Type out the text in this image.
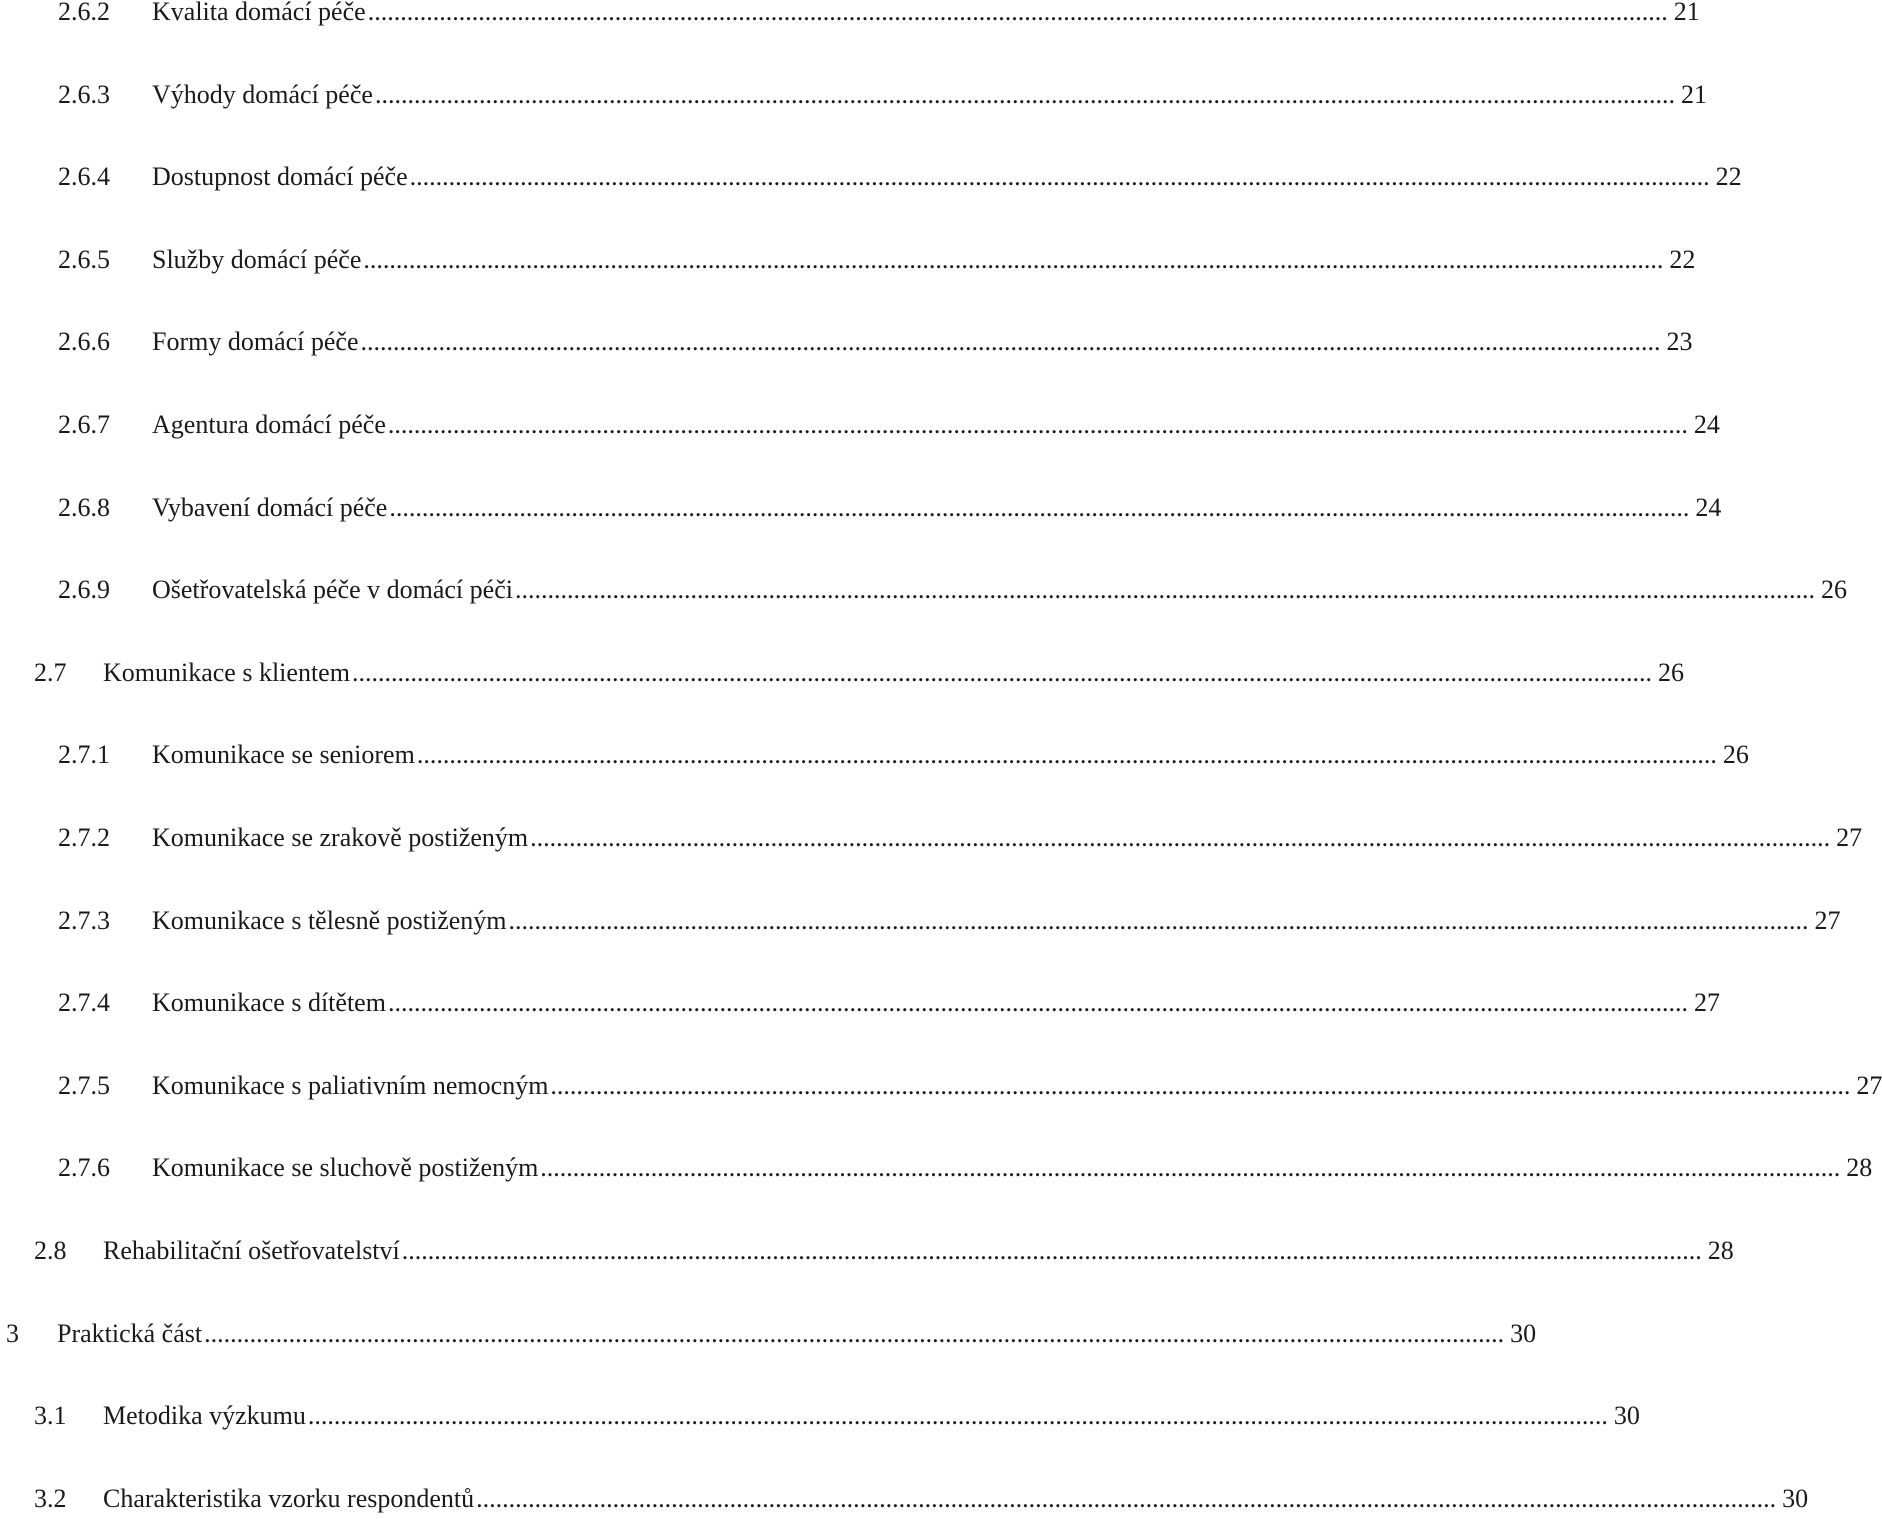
2.6.2 Kvalita domácí péče ........................................................................................................................................................................................................ 21
2.6.3 Výhody domácí péče ........................................................................................................................................................................................................ 21
2.6.4 Dostupnost domácí péče ........................................................................................................................................................................................................ 22
2.6.5 Služby domácí péče ........................................................................................................................................................................................................ 22
2.6.6 Formy domácí péče ........................................................................................................................................................................................................ 23
2.6.7 Agentura domácí péče ........................................................................................................................................................................................................ 24
2.6.8 Vybavení domácí péče ........................................................................................................................................................................................................ 24
2.6.9 Ošetřovatelská péče v domácí péči ........................................................................................................................................................................................................ 26
2.7 Komunikace s klientem ........................................................................................................................................................................................................ 26
2.7.1 Komunikace se seniorem ........................................................................................................................................................................................................ 26
2.7.2 Komunikace se zrakově postiženým ........................................................................................................................................................................................................ 27
2.7.3 Komunikace s tělesně postiženým ........................................................................................................................................................................................................ 27
2.7.4 Komunikace s dítětem ........................................................................................................................................................................................................ 27
2.7.5 Komunikace s paliativním nemocným ........................................................................................................................................................................................................ 27
2.7.6 Komunikace se sluchově postiženým ........................................................................................................................................................................................................ 28
2.8 Rehabilitační ošetřovatelství ........................................................................................................................................................................................................ 28
3 Praktická část ........................................................................................................................................................................................................ 30
3.1 Metodika výzkumu ........................................................................................................................................................................................................ 30
3.2 Charakteristika vzorku respondentů ........................................................................................................................................................................................................ 30
